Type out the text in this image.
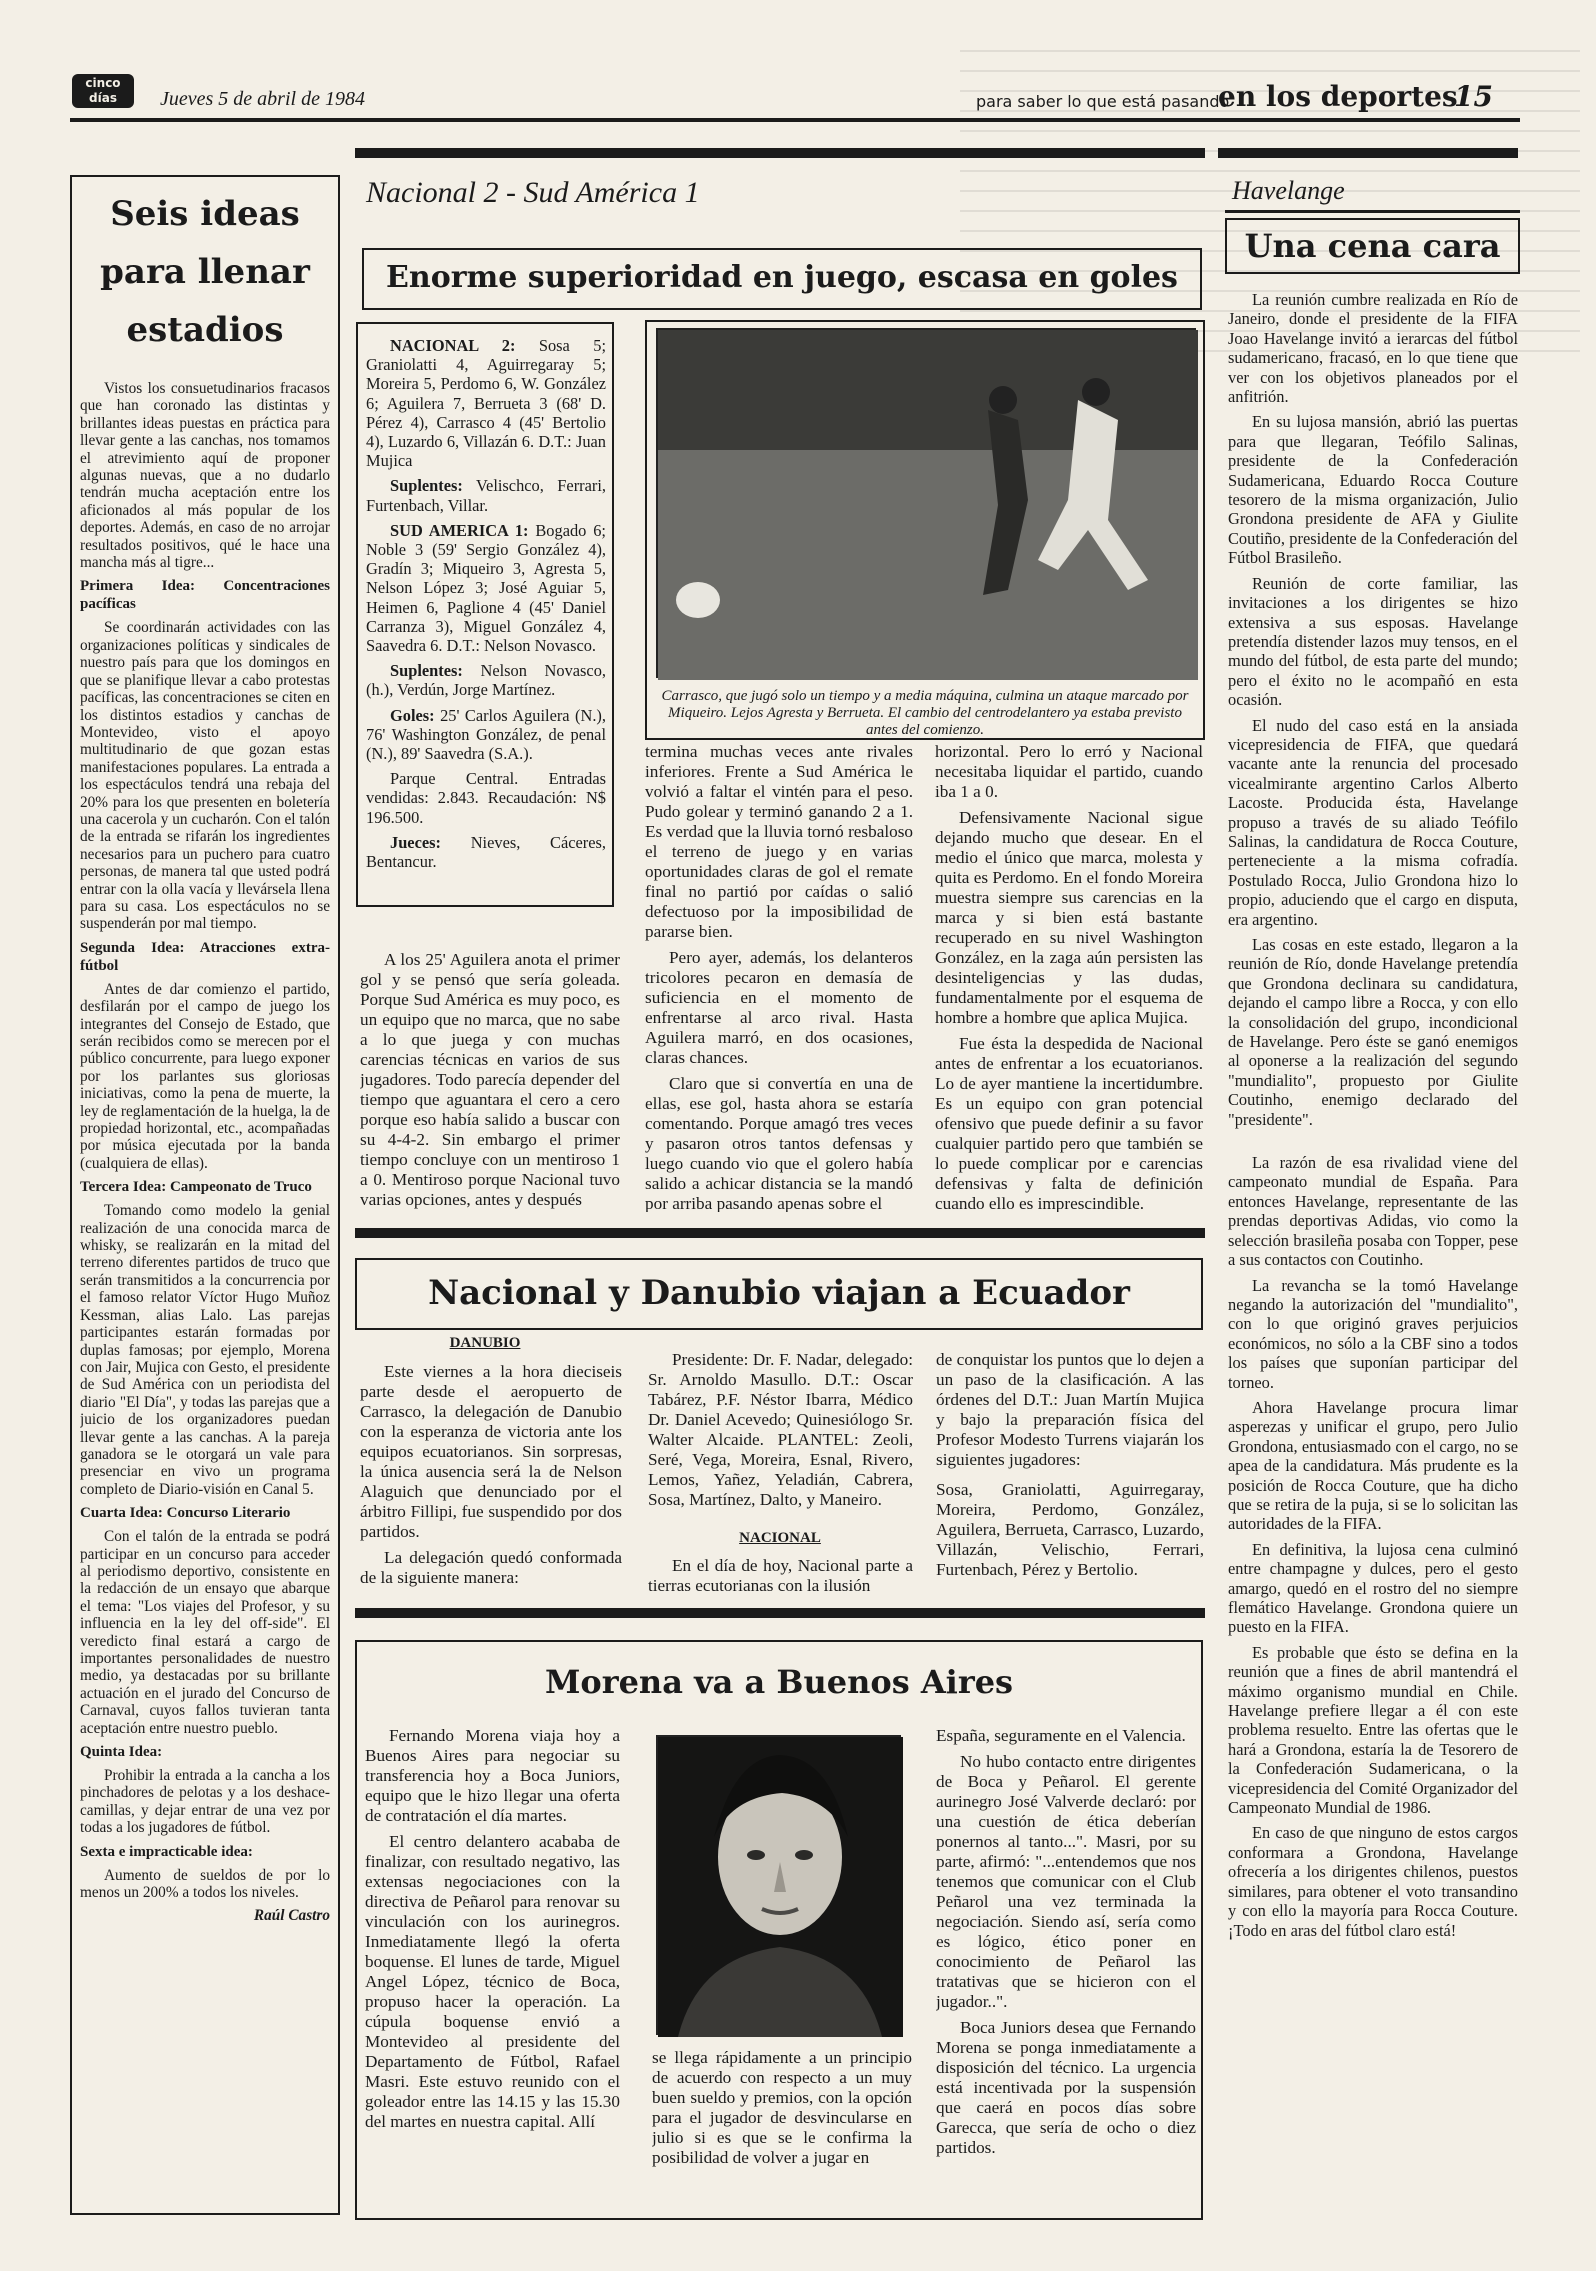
cinco días	Jueves 5 de abril de 1984	para saber lo que está pasando
en los deportes
15
Seis ideas para llenar estadios

Vistos los consuetudinarios fracasos que han coronado las distintas y brillantes ideas puestas en práctica para llevar gente a las canchas, nos tomamos el atrevimiento aquí de proponer algunas nuevas, que a no dudarlo tendrán mucha aceptación entre los aficionados al más popular de los deportes. Además, en caso de no arrojar resultados positivos, qué le hace una mancha más al tigre...

Primera Idea: Concentraciones pacíficas

Se coordinarán actividades con las organizaciones políticas y sindicales de nuestro país para que los domingos en que se planifique llevar a cabo protestas pacíficas, las concentraciones se citen en los distintos estadios y canchas de Montevideo, visto el apoyo multitudinario de que gozan estas manifestaciones populares. La entrada a los espectáculos tendrá una rebaja del 20% para los que presenten en boletería una cacerola y un cucharón. Con el talón de la entrada se rifarán los ingredientes necesarios para un puchero para cuatro personas, de manera tal que usted podrá entrar con la olla vacía y llevársela llena para su casa. Los espectáculos no se suspenderán por mal tiempo.

Segunda Idea: Atracciones extra-fútbol

Antes de dar comienzo el partido, desfilarán por el campo de juego los integrantes del Consejo de Estado, que serán recibidos como se merecen por el público concurrente, para luego exponer por los parlantes sus gloriosas iniciativas, como la pena de muerte, la ley de reglamentación de la huelga, la de propiedad horizontal, etc., acompañadas por música ejecutada por la banda (cualquiera de ellas).

Tercera Idea: Campeonato de Truco

Tomando como modelo la genial realización de una conocida marca de whisky, se realizarán en la mitad del terreno diferentes partidos de truco que serán transmitidos a la concurrencia por el famoso relator Víctor Hugo Muñoz Kessman, alias Lalo. Las parejas participantes estarán formadas por duplas famosas; por ejemplo, Morena con Jair, Mujica con Gesto, el presidente de Sud América con un periodista del diario "El Día", y todas las parejas que a juicio de los organizadores puedan llevar gente a las canchas. A la pareja ganadora se le otorgará un vale para presenciar en vivo un programa completo de Diario-visión en Canal 5.

Cuarta Idea: Concurso Literario

Con el talón de la entrada se podrá participar en un concurso para acceder al periodismo deportivo, consistente en la redacción de un ensayo que abarque el tema: "Los viajes del Profesor, y su influencia en la ley del off-side". El veredicto final estará a cargo de importantes personalidades de nuestro medio, ya destacadas por su brillante actuación en el jurado del Concurso de Carnaval, cuyos fallos tuvieran tanta aceptación entre nuestro pueblo.

Quinta Idea:

Prohibir la entrada a la cancha a los pinchadores de pelotas y a los deshace-camillas, y dejar entrar de una vez por todas a los jugadores de fútbol.

Sexta e impracticable idea:

Aumento de sueldos de por lo menos un 200% a todos los niveles.

Raúl Castro
Nacional 2 - Sud América 1
Enorme superioridad en juego, escasa en goles

NACIONAL 2: Sosa 5; Graniolatti 4, Aguirregaray 5; Moreira 5, Perdomo 6, W. González 6; Aguilera 7, Berrueta 3 (68' D. Pérez 4), Carrasco 4 (45' Bertolio 4), Luzardo 6, Villazán 6. D.T.: Juan Mujica

Suplentes: Velischco, Ferrari, Furtenbach, Villar.

SUD AMERICA 1: Bogado 6; Noble 3 (59' Sergio González 4), Gradín 3; Miqueiro 3, Agresta 5, Nelson López 3; José Aguiar 5, Heimen 6, Paglione 4 (45' Daniel Carranza 3), Miguel González 4, Saavedra 6. D.T.: Nelson Novasco.

Suplentes: Nelson Novasco, (h.), Verdún, Jorge Martínez.

Goles: 25' Carlos Aguilera (N.), 76' Washington González, de penal (N.), 89' Saavedra (S.A.).

Parque Central. Entradas vendidas: 2.843. Recaudación: N$ 196.500.

Jueces: Nieves, Cáceres, Bentancur.

Carrasco, que jugó solo un tiempo y a media máquina, culmina un ataque marcado por Miqueiro. Lejos Agresta y Berrueta. El cambio del centrodelantero ya estaba previsto antes del comienzo.

A los 25' Aguilera anota el primer gol y se pensó que sería goleada. Porque Sud América es muy poco, es un equipo que no marca, que no sabe a lo que juega y con muchas carencias técnicas en varios de sus jugadores. Todo parecía depender del tiempo que aguantara el cero a cero porque eso había salido a buscar con su 4-4-2. Sin embargo el primer tiempo concluye con un mentiroso 1 a 0. Mentiroso porque Nacional tuvo varias opciones, antes y después

termina muchas veces ante rivales inferiores. Frente a Sud América le volvió a faltar el vintén para el peso. Pudo golear y terminó ganando 2 a 1. Es verdad que la lluvia tornó resbaloso el terreno de juego y en varias oportunidades claras de gol el remate final no partió por caídas o salió defectuoso por la imposibilidad de pararse bien.

Pero ayer, además, los delanteros tricolores pecaron en demasía de suficiencia en el momento de enfrentarse al arco rival. Hasta Aguilera marró, en dos ocasiones, claras chances.

Claro que si convertía en una de ellas, ese gol, hasta ahora se estaría comentando. Porque amagó tres veces y pasaron otros tantos defensas y luego cuando vio que el golero había salido a achicar distancia se la mandó por arriba pasando apenas sobre el

horizontal. Pero lo erró y Nacional necesitaba liquidar el partido, cuando iba 1 a 0.

Defensivamente Nacional sigue dejando mucho que desear. En el medio el único que marca, molesta y quita es Perdomo. En el fondo Moreira muestra siempre sus carencias en la marca y si bien está bastante recuperado en su nivel Washington González, en la zaga aún persisten las desinteligencias y las dudas, fundamentalmente por el esquema de hombre a hombre que aplica Mujica.

Fue ésta la despedida de Nacional antes de enfrentar a los ecuatorianos. Lo de ayer mantiene la incertidumbre. Es un equipo con gran potencial ofensivo que puede definir a su favor cualquier partido pero que también se lo puede complicar por e carencias defensivas y falta de definición cuando ello es imprescindible.

Nacional y Danubio viajan a Ecuador
DANUBIO

Este viernes a la hora dieciseis parte desde el aeropuerto de Carrasco, la delegación de Danubio con la esperanza de victoria ante los equipos ecuatorianos. Sin sorpresas, la única ausencia será la de Nelson Alaguich que denunciado por el árbitro Fillipi, fue suspendido por dos partidos.

La delegación quedó conformada de la siguiente manera:

Presidente: Dr. F. Nadar, delegado: Sr. Arnoldo Masullo. D.T.: Oscar Tabárez, P.F. Néstor Ibarra, Médico Dr. Daniel Acevedo; Quinesiólogo Sr. Walter Alcaide. PLANTEL: Zeoli, Seré, Vega, Moreira, Esnal, Rivero, Lemos, Yañez, Yeladián, Cabrera, Sosa, Martínez, Dalto, y Maneiro.

NACIONAL

En el día de hoy, Nacional parte a tierras ecutorianas con la ilusión

de conquistar los puntos que lo dejen a un paso de la clasificación. A las órdenes del D.T.: Juan Martín Mujica y bajo la preparación física del Profesor Modesto Turrens viajarán los siguientes jugadores:

Sosa, Graniolatti, Aguirregaray, Moreira, Perdomo, González, Aguilera, Berrueta, Carrasco, Luzardo, Villazán, Velischio, Ferrari, Furtenbach, Pérez y Bertolio.

Morena va a Buenos Aires

Fernando Morena viaja hoy a Buenos Aires para negociar su transferencia hoy a Boca Juniors, equipo que le hizo llegar una oferta de contratación el día martes.

El centro delantero acababa de finalizar, con resultado negativo, las extensas negociaciones con la directiva de Peñarol para renovar su vinculación con los aurinegros. Inmediatamente llegó la oferta boquense. El lunes de tarde, Miguel Angel López, técnico de Boca, propuso hacer la operación. La cúpula boquense envió a Montevideo al presidente del Departamento de Fútbol, Rafael Masri. Este estuvo reunido con el goleador entre las 14.15 y las 15.30 del martes en nuestra capital. Allí

se llega rápidamente a un principio de acuerdo con respecto a un muy buen sueldo y premios, con la opción para el jugador de desvincularse en julio si es que se le confirma la posibilidad de volver a jugar en

España, seguramente en el Valencia.

No hubo contacto entre dirigentes de Boca y Peñarol. El gerente aurinegro José Valverde declaró: por una cuestión de ética deberían ponernos al tanto...". Masri, por su parte, afirmó: "...entendemos que nos tenemos que comunicar con el Club Peñarol una vez terminada la negociación. Siendo así, sería como es lógico, ético poner en conocimiento de Peñarol las tratativas que se hicieron con el jugador..".

Boca Juniors desea que Fernando Morena se ponga inmediatamente a disposición del técnico. La urgencia está incentivada por la suspensión que caerá en pocos días sobre Garecca, que sería de ocho o diez partidos.

Havelange
Una cena cara

La reunión cumbre realizada en Río de Janeiro, donde el presidente de la FIFA Joao Havelange invitó a ierarcas del fútbol sudamericano, fracasó, en lo que tiene que ver con los objetivos planeados por el anfitrión.

En su lujosa mansión, abrió las puertas para que llegaran, Teófilo Salinas, presidente de la Confederación Sudamericana, Eduardo Rocca Couture tesorero de la misma organización, Julio Grondona presidente de AFA y Giulite Coutiño, presidente de la Confederación del Fútbol Brasileño.

Reunión de corte familiar, las invitaciones a los dirigentes se hizo extensiva a sus esposas. Havelange pretendía distender lazos muy tensos, en el mundo del fútbol, de esta parte del mundo; pero el éxito no le acompañó en esta ocasión.

El nudo del caso está en la ansiada vicepresidencia de FIFA, que quedará vacante ante la renuncia del procesado vicealmirante argentino Carlos Alberto Lacoste. Producida ésta, Havelange propuso a través de su aliado Teófilo Salinas, la candidatura de Rocca Couture, perteneciente a la misma cofradía. Postulado Rocca, Julio Grondona hizo lo propio, aduciendo que el cargo en disputa, era argentino.

Las cosas en este estado, llegaron a la reunión de Río, donde Havelange pretendía que Grondona declinara su candidatura, dejando el campo libre a Rocca, y con ello la consolidación del grupo, incondicional de Havelange. Pero éste se ganó enemigos al oponerse a la realización del segundo "mundialito", propuesto por Giulite Coutinho, enemigo declarado del "presidente".

La razón de esa rivalidad viene del campeonato mundial de España. Para entonces Havelange, representante de las prendas deportivas Adidas, vio como la selección brasileña posaba con Topper, pese a sus contactos con Coutinho.

La revancha se la tomó Havelange negando la autorización del "mundialito", con lo que originó graves perjuicios económicos, no sólo a la CBF sino a todos los países que suponían participar del torneo.

Ahora Havelange procura limar asperezas y unificar el grupo, pero Julio Grondona, entusiasmado con el cargo, no se apea de la candidatura. Más prudente es la posición de Rocca Couture, que ha dicho que se retira de la puja, si se lo solicitan las autoridades de la FIFA.

En definitiva, la lujosa cena culminó entre champagne y dulces, pero el gesto amargo, quedó en el rostro del no siempre flemático Havelange. Grondona quiere un puesto en la FIFA.

Es probable que ésto se defina en la reunión que a fines de abril mantendrá el máximo organismo mundial en Chile. Havelange prefiere llegar a él con este problema resuelto. Entre las ofertas que le hará a Grondona, estaría la de Tesorero de la Confederación Sudamericana, o la vicepresidencia del Comité Organizador del Campeonato Mundial de 1986.

En caso de que ninguno de estos cargos conformara a Grondona, Havelange ofrecería a los dirigentes chilenos, puestos similares, para obtener el voto transandino y con ello la mayoría para Rocca Couture. ¡Todo en aras del fútbol claro está!
